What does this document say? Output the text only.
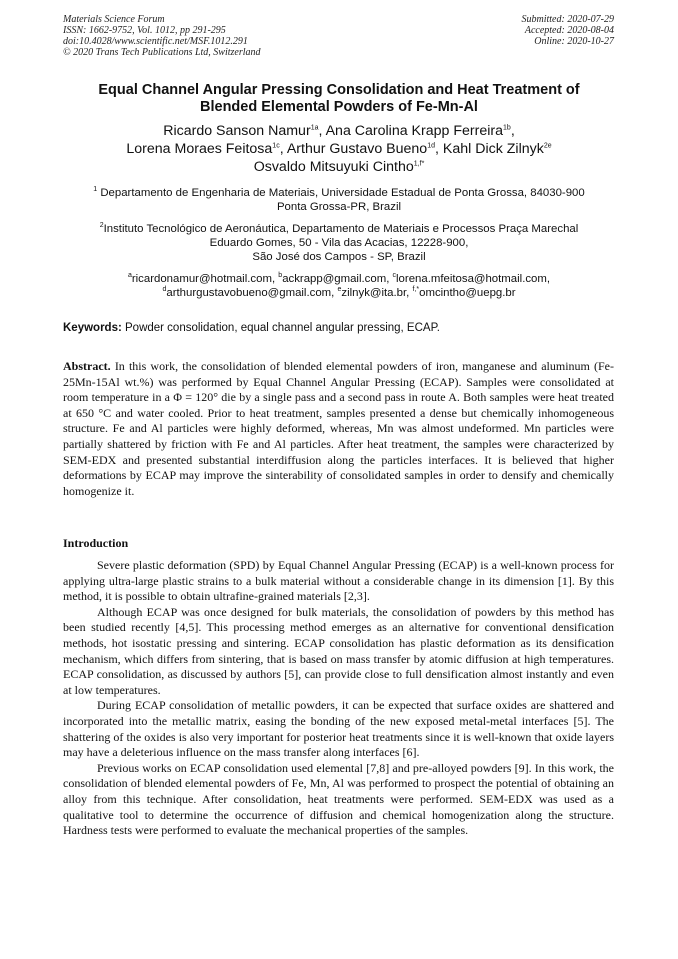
Materials Science Forum
ISSN: 1662-9752, Vol. 1012, pp 291-295
doi:10.4028/www.scientific.net/MSF.1012.291
© 2020 Trans Tech Publications Ltd, Switzerland
Submitted: 2020-07-29
Accepted: 2020-08-04
Online: 2020-10-27
Equal Channel Angular Pressing Consolidation and Heat Treatment of
Blended Elemental Powders of Fe-Mn-Al
Ricardo Sanson Namur$^{1a}$, Ana Carolina Krapp Ferreira$^{1b}$,
Lorena Moraes Feitosa$^{1c}$, Arthur Gustavo Bueno$^{1d}$, Kahl Dick Zilnyk$^{2e}$
Osvaldo Mitsuyuki Cintho$^{1,f*}$
$^1$ Departamento de Engenharia de Materiais, Universidade Estadual de Ponta Grossa, 84030-900
Ponta Grossa-PR, Brazil
$^2$Instituto Tecnológico de Aeronáutica, Departamento de Materiais e Processos Praça Marechal
Eduardo Gomes, 50 - Vila das Acacias, 12228-900,
São José dos Campos - SP, Brazil
$^a$ricardonamur@hotmail.com, $^b$ackrapp@gmail.com, $^c$lorena.mfeitosa@hotmail.com,
$^d$arthurgustavobueno@gmail.com, $^e$zilnyk@ita.br, $^{f,*}$omcintho@uepg.br
Keywords: Powder consolidation, equal channel angular pressing, ECAP.
Abstract. In this work, the consolidation of blended elemental powders of iron, manganese and aluminum (Fe-25Mn-15Al wt.%) was performed by Equal Channel Angular Pressing (ECAP). Samples were consolidated at room temperature in a Φ = 120° die by a single pass and a second pass in route A. Both samples were heat treated at 650 °C and water cooled. Prior to heat treatment, samples presented a dense but chemically inhomogeneous structure. Fe and Al particles were highly deformed, whereas, Mn was almost undeformed. Mn particles were partially shattered by friction with Fe and Al particles. After heat treatment, the samples were characterized by SEM-EDX and presented substantial interdiffusion along the particles interfaces. It is believed that higher deformations by ECAP may improve the sinterability of consolidated samples in order to densify and chemically homogenize it.
Introduction

Severe plastic deformation (SPD) by Equal Channel Angular Pressing (ECAP) is a well-known process for applying ultra-large plastic strains to a bulk material without a considerable change in its dimension [1]. By this method, it is possible to obtain ultrafine-grained materials [2,3].

Although ECAP was once designed for bulk materials, the consolidation of powders by this method has been studied recently [4,5]. This processing method emerges as an alternative for conventional densification methods, hot isostatic pressing and sintering. ECAP consolidation has plastic deformation as its densification mechanism, which differs from sintering, that is based on mass transfer by atomic diffusion at high temperatures. ECAP consolidation, as discussed by authors [5], can provide close to full densification almost instantly and even at low temperatures.

During ECAP consolidation of metallic powders, it can be expected that surface oxides are shattered and incorporated into the metallic matrix, easing the bonding of the new exposed metal-metal interfaces [5]. The shattering of the oxides is also very important for posterior heat treatments since it is well-known that oxide layers may have a deleterious influence on the mass transfer along interfaces [6].

Previous works on ECAP consolidation used elemental [7,8] and pre-alloyed powders [9]. In this work, the consolidation of blended elemental powders of Fe, Mn, Al was performed to prospect the potential of obtaining an alloy from this technique. After consolidation, heat treatments were performed. SEM-EDX was used as a qualitative tool to determine the occurrence of diffusion and chemical homogenization along the structure. Hardness tests were performed to evaluate the mechanical properties of the samples.
